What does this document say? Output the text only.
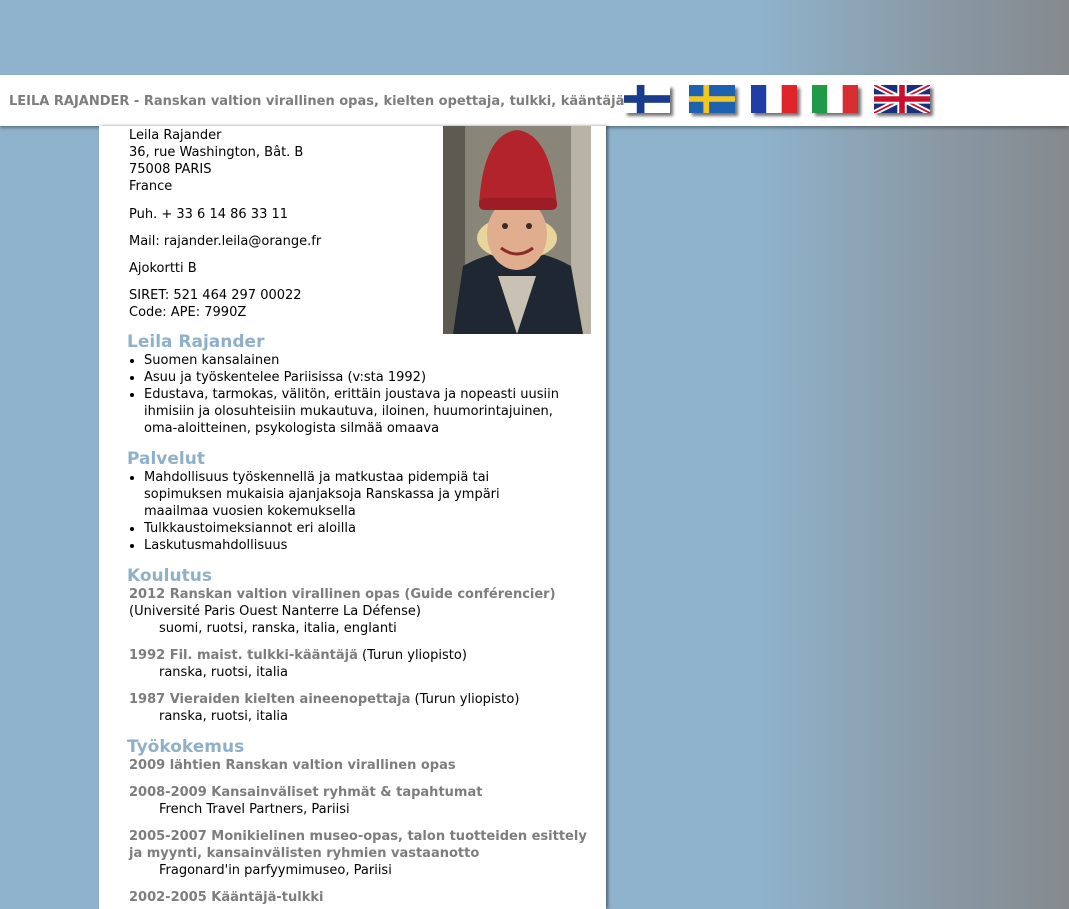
LEILA RAJANDER - Ranskan valtion virallinen opas, kielten opettaja, tulkki, kääntäjä

Leila Rajander

36, rue Washington, Bât. B

75008 PARIS

France

Puh. + 33 6 14 86 33 11

Mail: rajander.leila@orange.fr

Ajokortti B

SIRET: 521 464 297 00022

Code: APE: 7990Z

Leila Rajander
• Suomen kansalainen
• Asuu ja työskentelee Pariisissa (v:sta 1992)
• Edustava, tarmokas, välitön, erittäin joustava ja nopeasti uusiin ihmisiin ja olosuhteisiin mukautuva, iloinen, huumorintajuinen, oma-aloitteinen, psykologista silmää omaava
Palvelut
• Mahdollisuus työskennellä ja matkustaa pidempiä tai sopimuksen mukaisia ajanjaksoja Ranskassa ja ympäri maailmaa vuosien kokemuksella
• Tulkkaustoimeksiannot eri aloilla
• Laskutusmahdollisuus
Koulutus

2012 Ranskan valtion virallinen opas (Guide conférencier)

(Université Paris Ouest Nanterre La Défense)

suomi, ruotsi, ranska, italia, englanti

1992 Fil. maist. tulkki-kääntäjä (Turun yliopisto)

ranska, ruotsi, italia

1987 Vieraiden kielten aineenopettaja (Turun yliopisto)

ranska, ruotsi, italia

Työkokemus

2009 lähtien Ranskan valtion virallinen opas

2008-2009 Kansainväliset ryhmät & tapahtumat

French Travel Partners, Pariisi

2005-2007 Monikielinen museo-opas, talon tuotteiden esittely

ja myynti, kansainvälisten ryhmien vastaanotto

Fragonard'in parfyymimuseo, Pariisi

2002-2005 Kääntäjä-tulkki
